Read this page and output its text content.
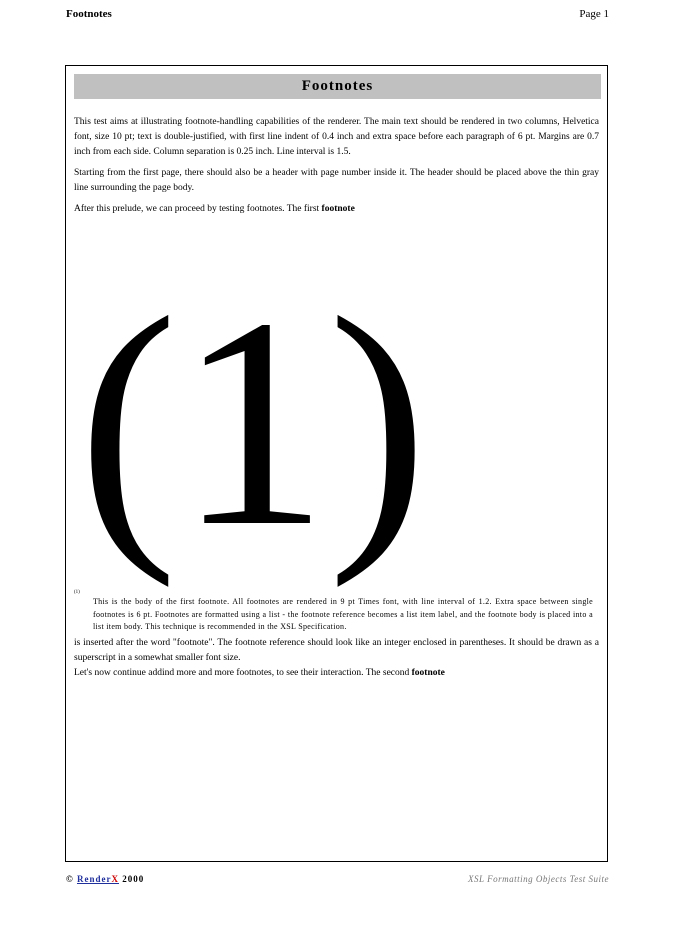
Footnotes	Page 1
Footnotes
This test aims at illustrating footnote-handling capabilities of the renderer. The main text should be rendered in two columns, Helvetica font, size 10 pt; text is double-justified, with first line indent of 0.4 inch and extra space before each paragraph of 6 pt. Margins are 0.7 inch from each side. Column separation is 0.25 inch. Line interval is 1.5.
Starting from the first page, there should also be a header with page number inside it. The header should be placed above the thin gray line surrounding the page body.
After this prelude, we can proceed by testing footnotes. The first footnote
(1)
(1)
This is the body of the first footnote. All footnotes are rendered in 9 pt Times font, with line interval of 1.2. Extra space between single footnotes is 6 pt. Footnotes are formatted using a list - the footnote reference becomes a list item label, and the footnote body is placed into a list item body. This technique is recommended in the XSL Specification.
is inserted after the word "footnote". The footnote reference should look like an integer enclosed in parentheses. It should be drawn as a superscript in a somewhat smaller font size.
Let's now continue addind more and more footnotes, to see their interaction. The second footnote
© RenderX 2000	XSL Formatting Objects Test Suite
